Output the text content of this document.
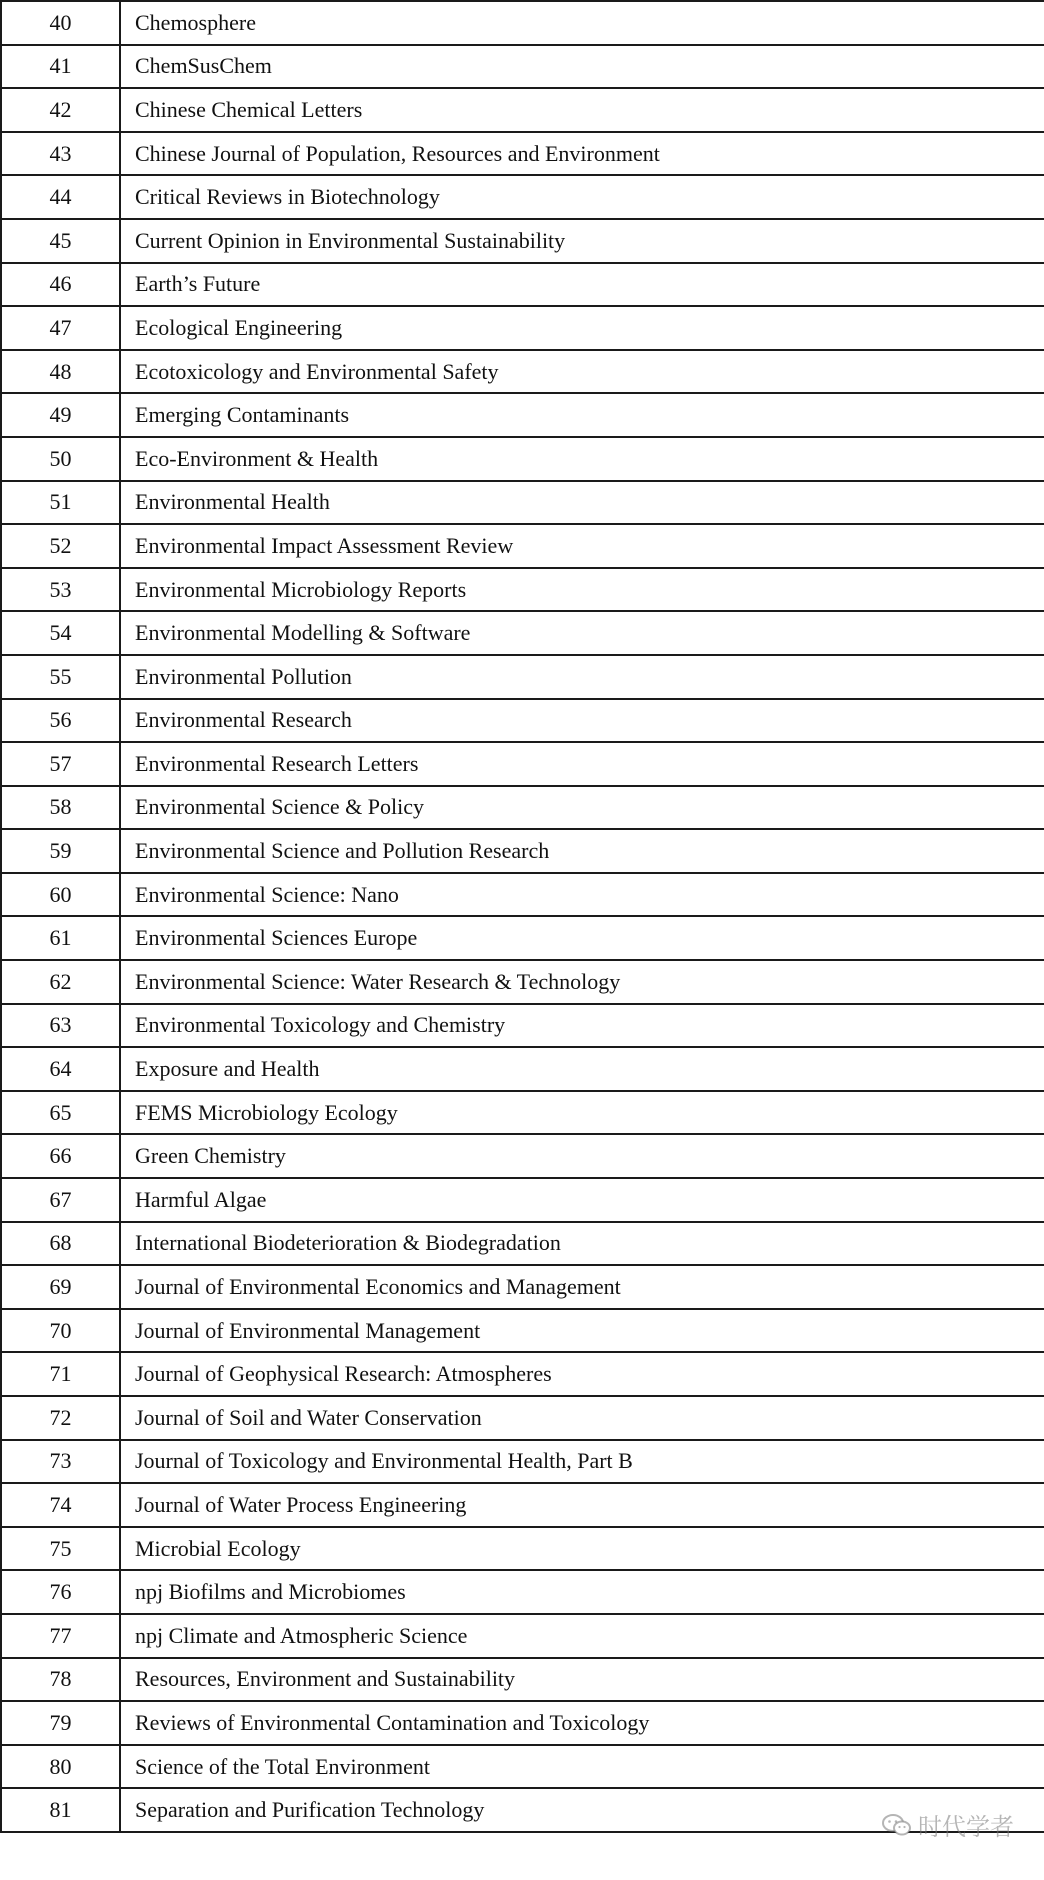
40	Chemosphere
41	ChemSusChem
42	Chinese Chemical Letters
43	Chinese Journal of Population, Resources and Environment
44	Critical Reviews in Biotechnology
45	Current Opinion in Environmental Sustainability
46	Earth’s Future
47	Ecological Engineering
48	Ecotoxicology and Environmental Safety
49	Emerging Contaminants
50	Eco-Environment & Health
51	Environmental Health
52	Environmental Impact Assessment Review
53	Environmental Microbiology Reports
54	Environmental Modelling & Software
55	Environmental Pollution
56	Environmental Research
57	Environmental Research Letters
58	Environmental Science & Policy
59	Environmental Science and Pollution Research
60	Environmental Science: Nano
61	Environmental Sciences Europe
62	Environmental Science: Water Research & Technology
63	Environmental Toxicology and Chemistry
64	Exposure and Health
65	FEMS Microbiology Ecology
66	Green Chemistry
67	Harmful Algae
68	International Biodeterioration & Biodegradation
69	Journal of Environmental Economics and Management
70	Journal of Environmental Management
71	Journal of Geophysical Research: Atmospheres
72	Journal of Soil and Water Conservation
73	Journal of Toxicology and Environmental Health, Part B
74	Journal of Water Process Engineering
75	Microbial Ecology
76	npj Biofilms and Microbiomes
77	npj Climate and Atmospheric Science
78	Resources, Environment and Sustainability
79	Reviews of Environmental Contamination and Toxicology
80	Science of the Total Environment
81	Separation and Purification Technology
时代学者
